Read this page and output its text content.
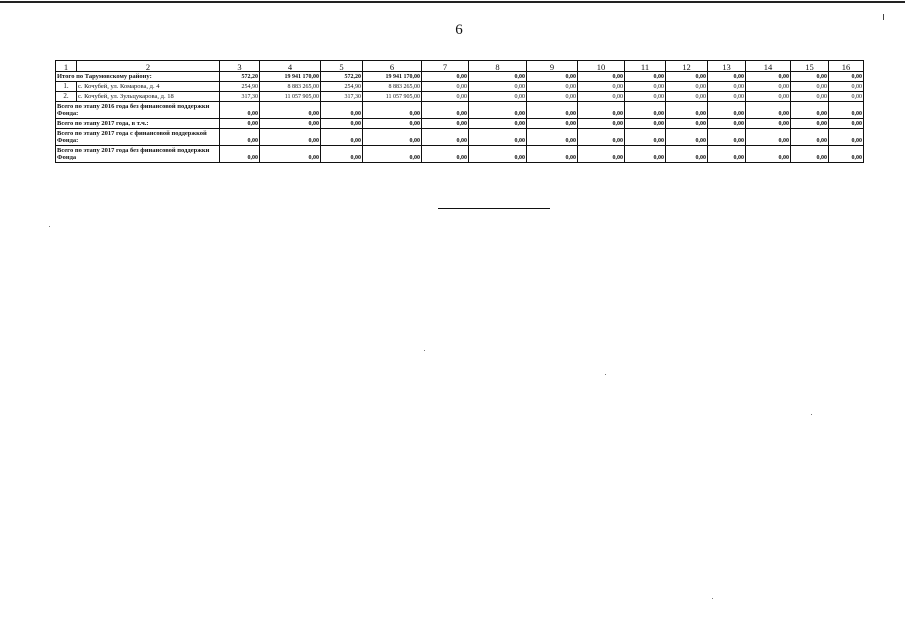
6
1	2	3	4	5	6	7	8	9	10	11	12	13	14	15	16
Итого по Тарумовскому району:		572,20	19 941 170,00	572,20	19 941 170,00	0,00	0,00	0,00	0,00	0,00	0,00	0,00	0,00	0,00	0,00
1.	с. Кочубей, ул. Комарова, д. 4	254,90	8 883 265,00	254,90	8 883 265,00	0,00	0,00	0,00	0,00	0,00	0,00	0,00	0,00	0,00	0,00
2.	с. Кочубей, ул. Зульцукарова, д. 18	317,30	11 057 905,00	317,30	11 057 905,00	0,00	0,00	0,00	0,00	0,00	0,00	0,00	0,00	0,00	0,00
Всего по этапу 2016 года без финансовой поддержки Фонда:		0,00	0,00	0,00	0,00	0,00	0,00	0,00	0,00	0,00	0,00	0,00	0,00	0,00	0,00
Всего по этапу 2017 года, в т.ч.:		0,00	0,00	0,00	0,00	0,00	0,00	0,00	0,00	0,00	0,00	0,00	0,00	0,00	0,00
Всего по этапу 2017 года с финансовой поддержкой Фонда:		0,00	0,00	0,00	0,00	0,00	0,00	0,00	0,00	0,00	0,00	0,00	0,00	0,00	0,00
Всего по этапу 2017 года без финансовой поддержки Фонда		0,00	0,00	0,00	0,00	0,00	0,00	0,00	0,00	0,00	0,00	0,00	0,00	0,00	0,00
